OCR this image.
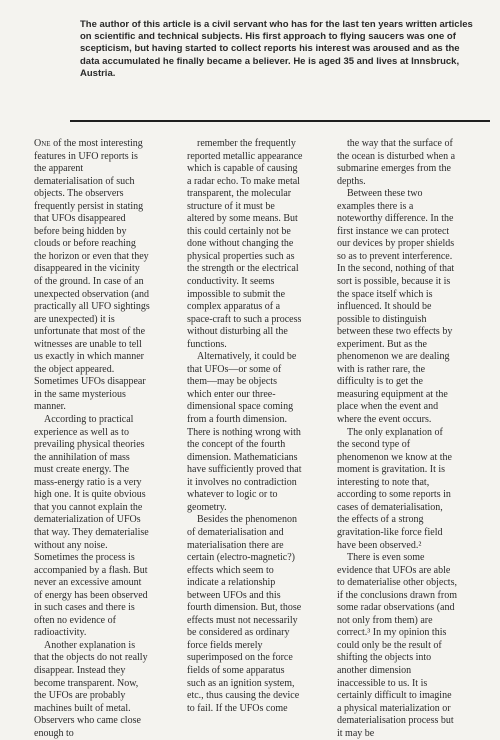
The author of this article is a civil servant who has for the last ten years written articles on scientific and technical subjects. His first approach to flying saucers was one of scepticism, but having started to collect reports his interest was aroused and as the data accumulated he finally became a believer. He is aged 35 and lives at Innsbruck, Austria.

One of the most interesting features in UFO reports is the apparent dematerialisation of such objects. The observers frequently persist in stating that UFOs disappeared before being hidden by clouds or before reaching the horizon or even that they disappeared in the vicinity of the ground. In case of an unexpected observation (and practically all UFO sightings are unexpected) it is unfortunate that most of the witnesses are unable to tell us exactly in which manner the object appeared. Sometimes UFOs disappear in the same mysterious manner.

According to practical experience as well as to prevailing physical theories the annihilation of mass must create energy. The mass-energy ratio is a very high one. It is quite obvious that you cannot explain the dematerialization of UFOs that way. They dematerialise without any noise. Sometimes the process is accompanied by a flash. But never an excessive amount of energy has been observed in such cases and there is often no evidence of radioactivity.

Another explanation is that the objects do not really disappear. Instead they become transparent. Now, the UFOs are probably machines built of metal. Observers who came close enough to

remember the frequently reported metallic appearance which is capable of causing a radar echo. To make metal transparent, the molecular structure of it must be altered by some means. But this could certainly not be done without changing the physical properties such as the strength or the electrical conductivity. It seems impossible to submit the complex apparatus of a space-craft to such a process without disturbing all the functions.

Alternatively, it could be that UFOs—or some of them—may be objects which enter our three-dimensional space coming from a fourth dimension. There is nothing wrong with the concept of the fourth dimension. Mathematicians have sufficiently proved that it involves no contradiction whatever to logic or to geometry.

Besides the phenomenon of dematerialisation and materialisation there are certain (electro-magnetic?) effects which seem to indicate a relationship between UFOs and this fourth dimension. But, those effects must not necessarily be considered as ordinary force fields merely superimposed on the force fields of some apparatus such as an ignition system, etc., thus causing the device to fail. If the UFOs come

the way that the surface of the ocean is disturbed when a submarine emerges from the depths.

Between these two examples there is a noteworthy difference. In the first instance we can protect our devices by proper shields so as to prevent interference. In the second, nothing of that sort is possible, because it is the space itself which is influenced. It should be possible to distinguish between these two effects by experiment. But as the phenomenon we are dealing with is rather rare, the difficulty is to get the measuring equipment at the place when the event and where the event occurs.

The only explanation of the second type of phenomenon we know at the moment is gravitation. It is interesting to note that, according to some reports in cases of dematerialisation, the effects of a strong gravitation-like force field have been observed.²

There is even some evidence that UFOs are able to dematerialise other objects, if the conclusions drawn from some radar observations (and not only from them) are correct.³ In my opinion this could only be the result of shifting the objects into another dimension inaccessible to us. It is certainly difficult to imagine a physical materialization or dematerialisation process but it may be
